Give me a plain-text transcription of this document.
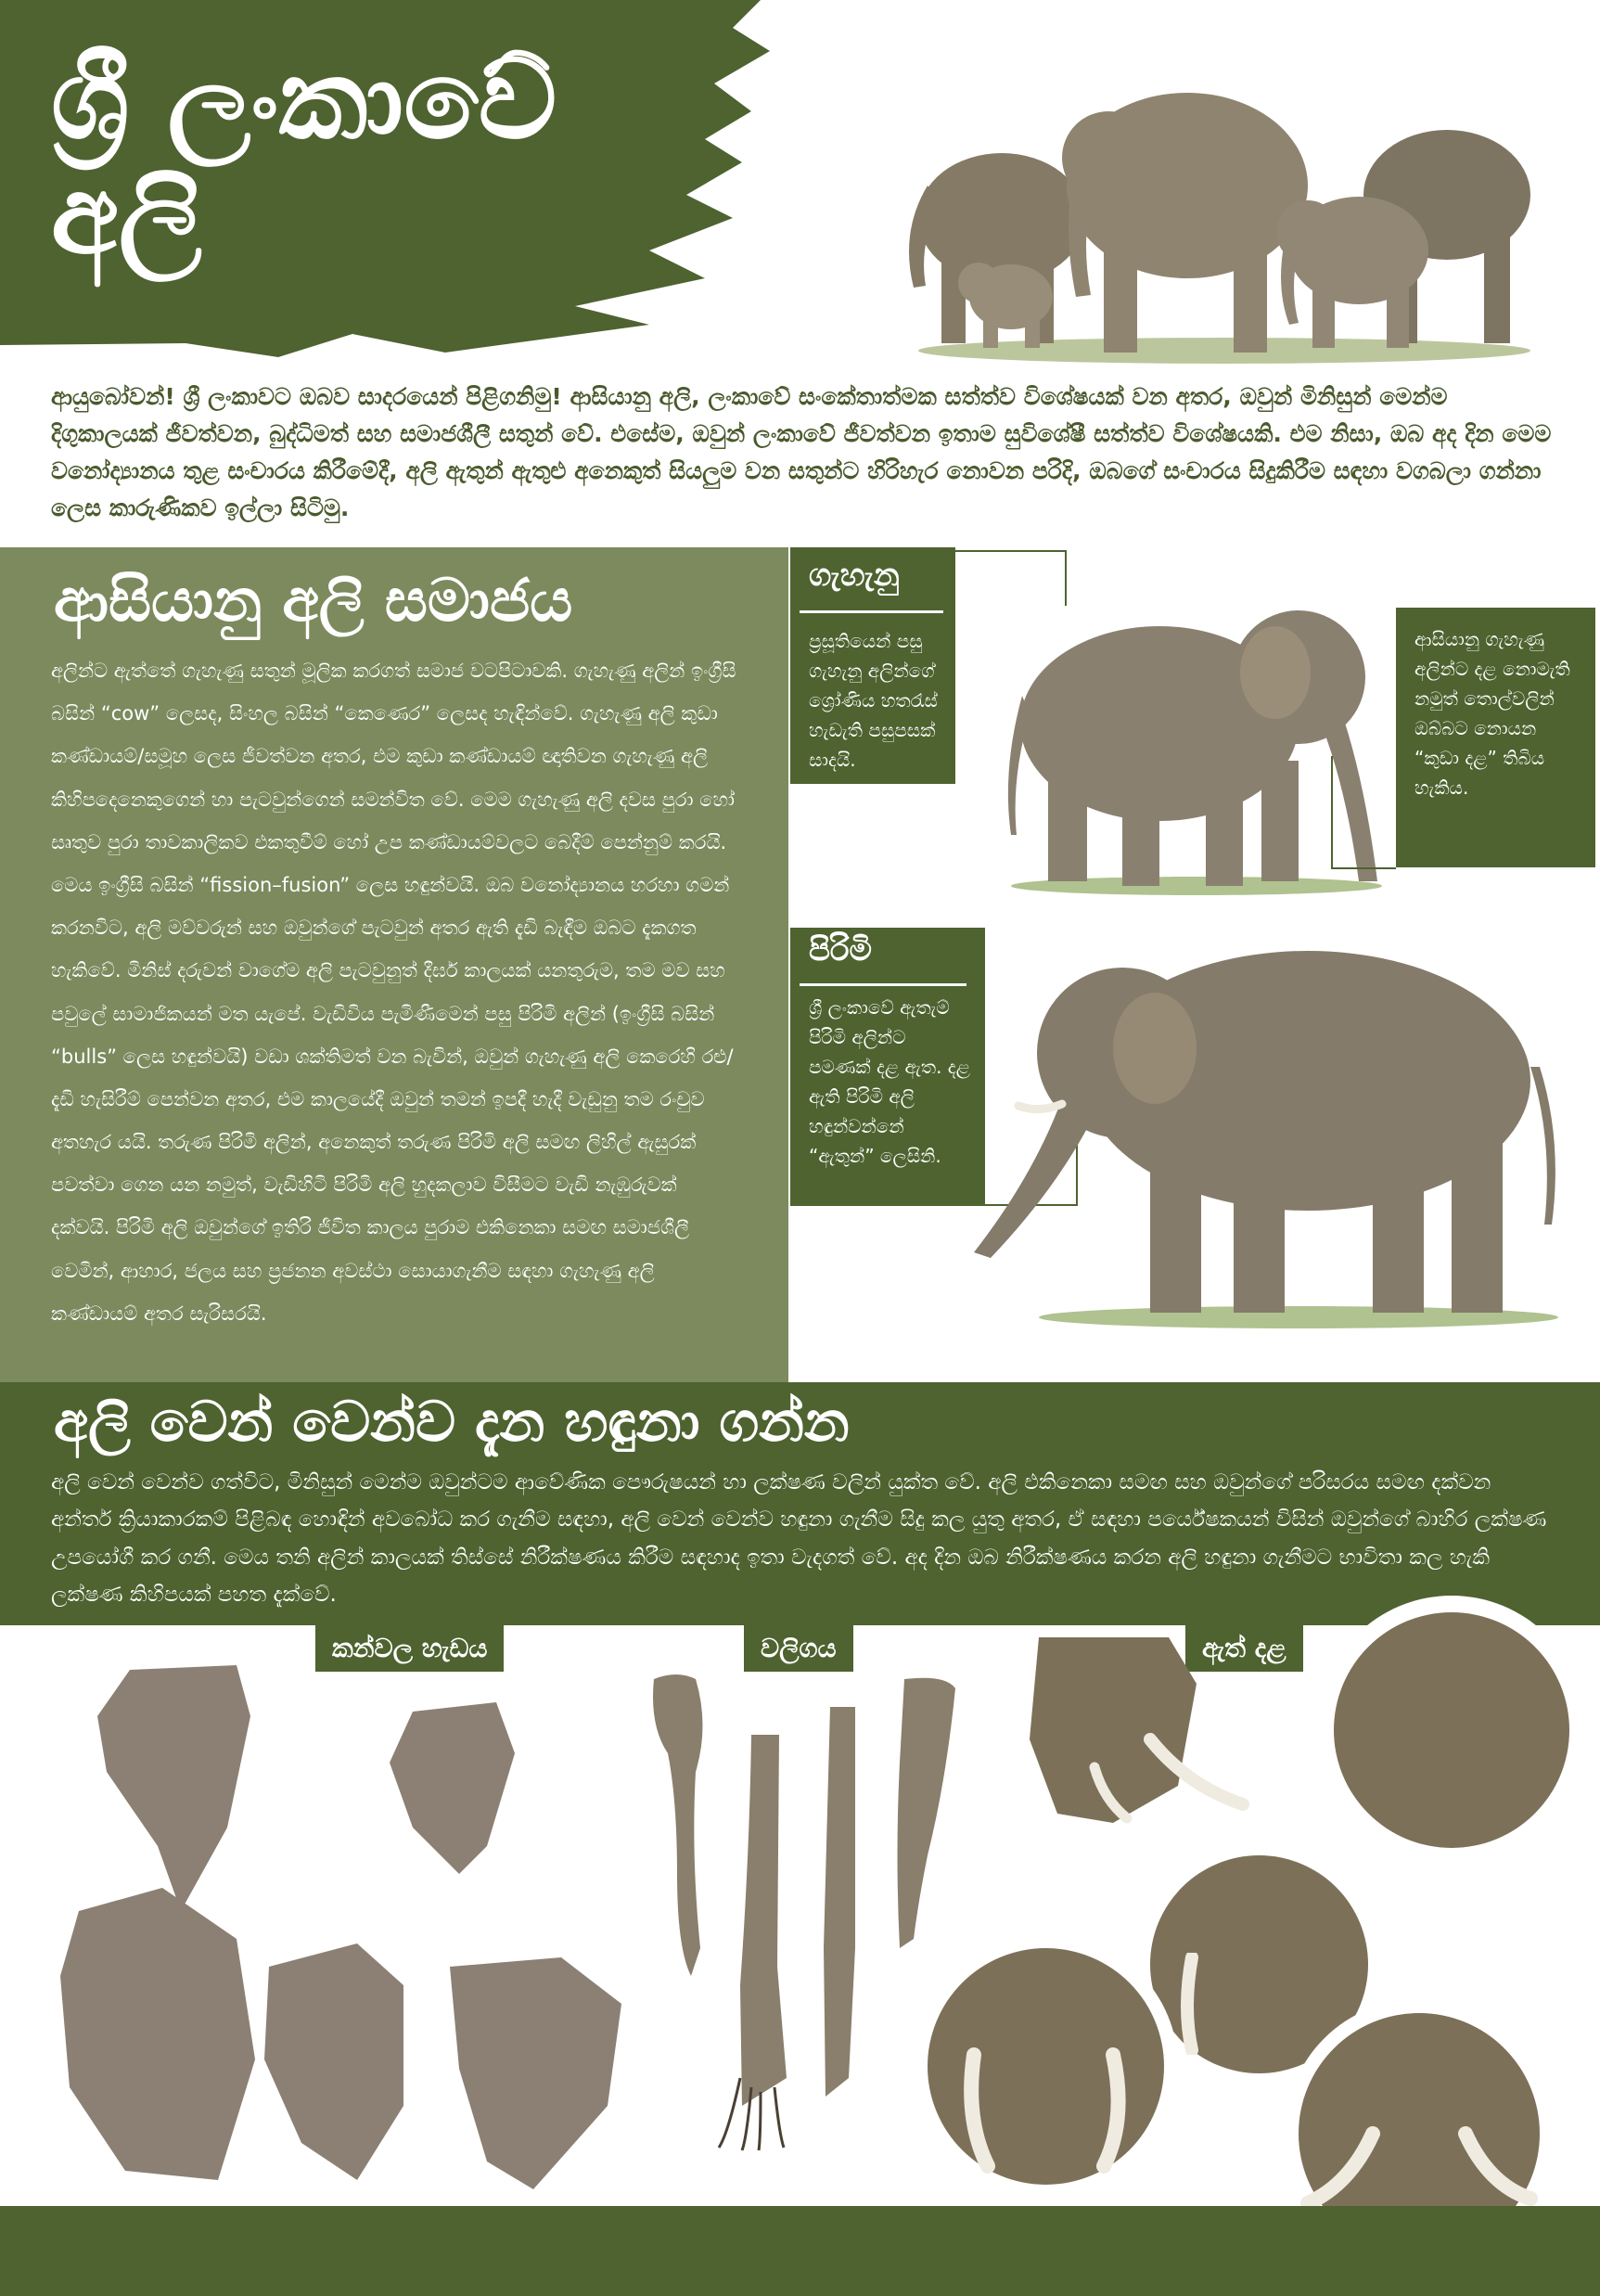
ශ්‍රී ලංකාවේ
අලි
ආයුබෝවන්! ශ්‍රී ලංකාවට ඔබව සාදරයෙන් පිළිගනිමු! ආසියානු අලි, ලංකාවේ සංකේතාත්මක සත්ත්ව විශේෂයක් වන අතර, ඔවුන් මිනිසුන් මෙන්ම දිගුකාලයක් ජීවත්වන, බුද්ධිමත් සහ සමාජශීලී සතුන් වේ. එසේම, ඔවුන් ලංකාවේ ජීවත්වන ඉතාම සුවිශේෂී සත්ත්ව විශේෂයකි. එම නිසා, ඔබ අද දින මෙම වනෝද්‍යානය තුළ සංචාරය කිරීමේදී, අලි ඇතුන් ඇතුළු අනෙකුත් සියලුම වන සතුන්ට හිරිහැර නොවන පරිදි, ඔබගේ සංචාරය සිදුකිරීම සඳහා වගබලා ගන්නා ලෙස කාරුණිකව ඉල්ලා සිටිමු.
ආසියානු අලි සමාජය
අලින්ට ඇත්තේ ගැහැණු සතුන් මූලික කරගත් සමාජ වටපිටාවකි. ගැහැණු අලින් ඉංග්‍රීසි බසින් “cow” ලෙසද, සිංහල බසින් “කෙණෙර” ලෙසද හැඳින්වේ. ගැහැණු අලි කුඩා කණ්ඩායම්/සමූහ ලෙස ජීවත්වන අතර, එම කුඩා කණ්ඩායම් ඥාතිවන ගැහැණු අලි කිහිපදෙනෙකුගෙන් හා පැටවුන්ගෙන් සමන්විත වේ. මෙම ගැහැණු අලි දවස පුරා හෝ සෘතුව පුරා තාවකාලිකව එකතුවීම් හෝ උප කණ්ඩායම්වලට බෙදීම් පෙන්නුම් කරයි. මෙය ඉංග්‍රීසි බසින් “fission–fusion” ලෙස හඳුන්වයි. ඔබ වනෝද්‍යානය හරහා ගමන් කරනවිට, අලි මව්වරුන් සහ ඔවුන්ගේ පැටවුන් අතර ඇති දැඩි බැඳීම ඔබට දැකගත හැකිවේ. මිනිස් දරුවන් වාගේම අලි පැටවුනුත් දීර්ඝ කාලයක් යනතුරුම, තම මව සහ පවුලේ සාමාජිකයන් මත යැපේ. වැඩිවිය පැමිණීමෙන් පසු පිරිමි අලින් (ඉංග්‍රීසි බසින් “bulls” ලෙස හඳුන්වයි) වඩා ශක්තිමත් වන බැවින්, ඔවුන් ගැහැණු අලි කෙරෙහි රළු/දැඩි හැසිරීම් පෙන්වන අතර, එම කාලයේදී ඔවුන් තමන් ඉපදී හැදී වැඩුනු තම රංචුව අතහැර යයි. තරුණ පිරිමි අලින්, අනෙකුත් තරුණ පිරිමි අලි සමඟ ලිහිල් ඇසුරක් පවත්වා ගෙන යන නමුත්, වැඩිහිටි පිරිමි අලි හුදකලාව විසීමට වැඩි නැඹුරුවක් දක්වයි. පිරිමි අලි ඔවුන්ගේ ඉතිරි ජීවිත කාලය පුරාම එකිනෙකා සමඟ සමාජශීලී වෙමින්, ආහාර, ජලය සහ ප්‍රජනන අවස්ථා සොයාගැනීම සඳහා ගැහැණු අලි කණ්ඩායම් අතර සැරිසරයි.
ගැහැනු
ප්‍රසූතියෙන් පසු ගැහැනු අලින්ගේ ශ්‍රෝණිය හතරැස් හැඩැති පසුපසක් සාදයි.
ආසියානු ගැහැණු අලින්ට දළ නොමැති නමුත් තොල්වලින් ඔබ්බට නොයන “කුඩා දළ” තිබිය හැකිය.
පිරිමි
ශ්‍රී ලංකාවේ ඇතැම් පිරිමි අලින්ට පමණක් දළ ඇත. දළ ඇති පිරිමි අලි හඳුන්වන්නේ “ඇතුන්” ලෙසිනි.
අලි වෙන් වෙන්ව දැන හඳුනා ගන්න
අලි වෙන් වෙන්ව ගත්විට, මිනිසුන් මෙන්ම ඔවුන්ටම ආවේණික පෞරුෂයන් හා ලක්ෂණ වලින් යුක්ත වේ. අලි එකිනෙකා සමඟ සහ ඔවුන්ගේ පරිසරය සමඟ දක්වන අන්තර් ක්‍රියාකාරකම් පිළිබඳ හොඳින් අවබෝධ කර ගැනීම සඳහා, අලි වෙන් වෙන්ව හඳුනා ගැනීම සිදු කල යුතු අතර, ඒ සඳහා පර්යේෂකයන් විසින් ඔවුන්ගේ බාහිර ලක්ෂණ උපයෝගී කර ගනී. මෙය තනි අලින් කාලයක් තිස්සේ නිරීක්ෂණය කිරීම සඳහාද ඉතා වැදගත් වේ. අද දින ඔබ නිරීක්ෂණය කරන අලි හඳුනා ගැනීමට භාවිතා කල හැකි ලක්ෂණ කිහිපයක් පහත දැක්වේ.
කන්වල හැඩය	වලිගය	ඇත් දළ
